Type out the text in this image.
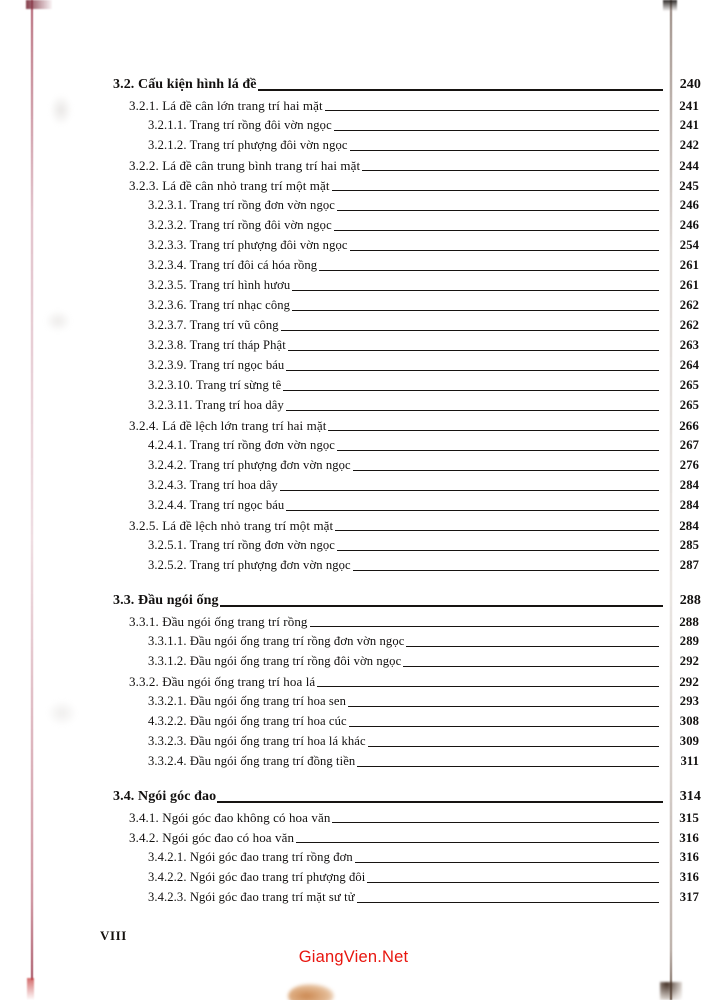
3.2. Cấu kiện hình lá đề	240
3.2.1. Lá đề cân lớn trang trí hai mặt	241
3.2.1.1. Trang trí rồng đôi vờn ngọc	241
3.2.1.2. Trang trí phượng đôi vờn ngọc	242
3.2.2. Lá đề cân trung bình trang trí hai mặt	244
3.2.3. Lá đề cân nhỏ trang trí một mặt	245
3.2.3.1. Trang trí rồng đơn vờn ngọc	246
3.2.3.2. Trang trí rồng đôi vờn ngọc	246
3.2.3.3. Trang trí phượng đôi vờn ngọc	254
3.2.3.4. Trang trí đôi cá hóa rồng	261
3.2.3.5. Trang trí hình hươu	261
3.2.3.6. Trang trí nhạc công	262
3.2.3.7. Trang trí vũ công	262
3.2.3.8. Trang trí tháp Phật	263
3.2.3.9. Trang trí ngọc báu	264
3.2.3.10. Trang trí sừng tê	265
3.2.3.11. Trang trí hoa dây	265
3.2.4. Lá đề lệch lớn trang trí hai mặt	266
4.2.4.1. Trang trí rồng đơn vờn ngọc	267
3.2.4.2. Trang trí phượng đơn vờn ngọc	276
3.2.4.3. Trang trí hoa dây	284
3.2.4.4. Trang trí ngọc báu	284
3.2.5. Lá đề lệch nhỏ trang trí một mặt	284
3.2.5.1. Trang trí rồng đơn vờn ngọc	285
3.2.5.2. Trang trí phượng đơn vờn ngọc	287
3.3. Đầu ngói ống	288
3.3.1. Đầu ngói ống trang trí rồng	288
3.3.1.1. Đầu ngói ống trang trí rồng đơn vờn ngọc	289
3.3.1.2. Đầu ngói ống trang trí rồng đôi vờn ngọc	292
3.3.2. Đầu ngói ống trang trí hoa lá	292
3.3.2.1. Đầu ngói ống trang trí hoa sen	293
4.3.2.2. Đầu ngói ống trang trí hoa cúc	308
3.3.2.3. Đầu ngói ống trang trí hoa lá khác	309
3.3.2.4. Đầu ngói ống trang trí đồng tiền	311
3.4. Ngói góc đao	314
3.4.1. Ngói góc đao không có hoa văn	315
3.4.2. Ngói góc đao có hoa văn	316
3.4.2.1. Ngói góc đao trang trí rồng đơn	316
3.4.2.2. Ngói góc đao trang trí phượng đôi	316
3.4.2.3. Ngói góc đao trang trí mặt sư tử	317
VIII
GiangVien.Net
